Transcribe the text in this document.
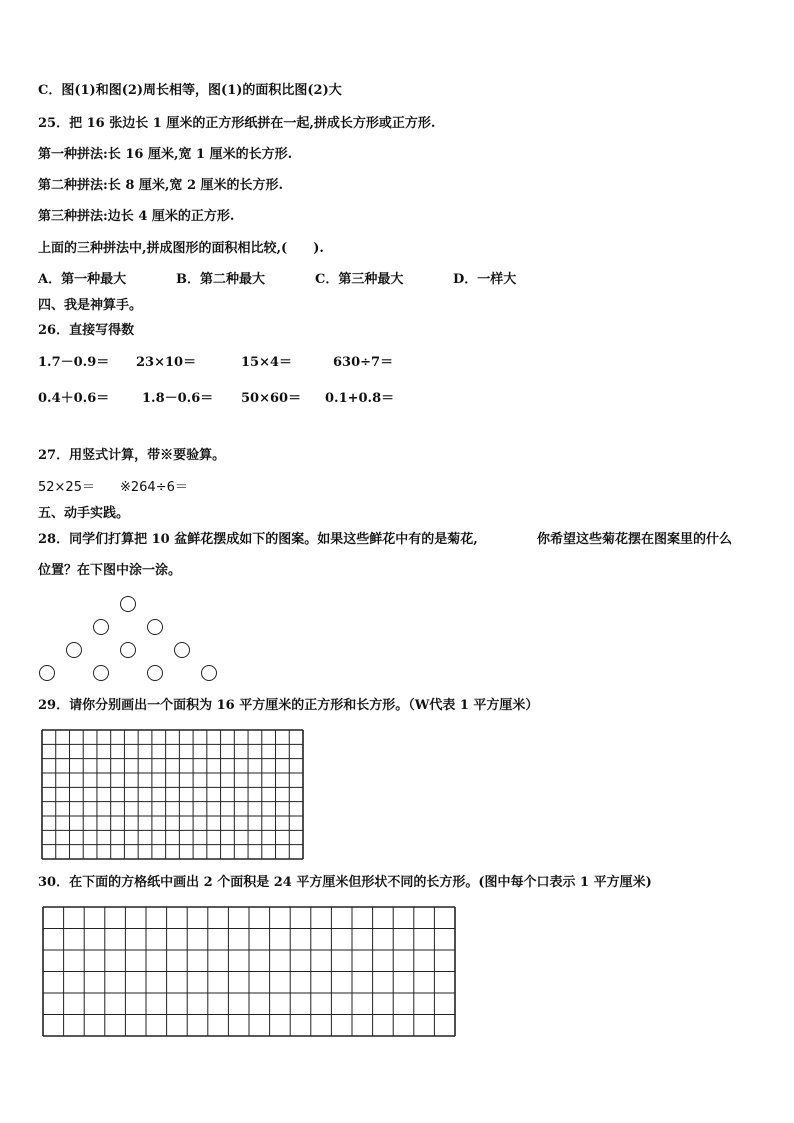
C．图(1)和图(2)周长相等，图(1)的面积比图(2)大
25．把 16 张边长 1 厘米的正方形纸拼在一起,拼成长方形或正方形.
第一种拼法:长 16 厘米,宽 1 厘米的长方形.
第二种拼法:长 8 厘米,宽 2 厘米的长方形.
第三种拼法:边长 4 厘米的正方形.
上面的三种拼法中,拼成图形的面积相比较,(　　).
A．第一种最大	B．第二种最大	C．第三种最大	D．一样大
四、我是神算手。
26．直接写得数
1.7－0.9＝ 23×10＝	15×4＝	630÷7＝
0.4＋0.6＝	1.8－0.6＝ 50×60＝ 0.1+0.8＝
27．用竖式计算，带※要验算。
52×25＝ ※264÷6＝
五、动手实践。
28．同学们打算把 10 盆鲜花摆成如下的图案。如果这些鲜花中有的是菊花,	你希望这些菊花摆在图案里的什么
位置？在下图中涂一涂。
29．请你分别画出一个面积为 16 平方厘米的正方形和长方形。（W代表 1 平方厘米）
30．在下面的方格纸中画出 2 个面积是 24 平方厘米但形状不同的长方形。(图中每个口表示 1 平方厘米)
